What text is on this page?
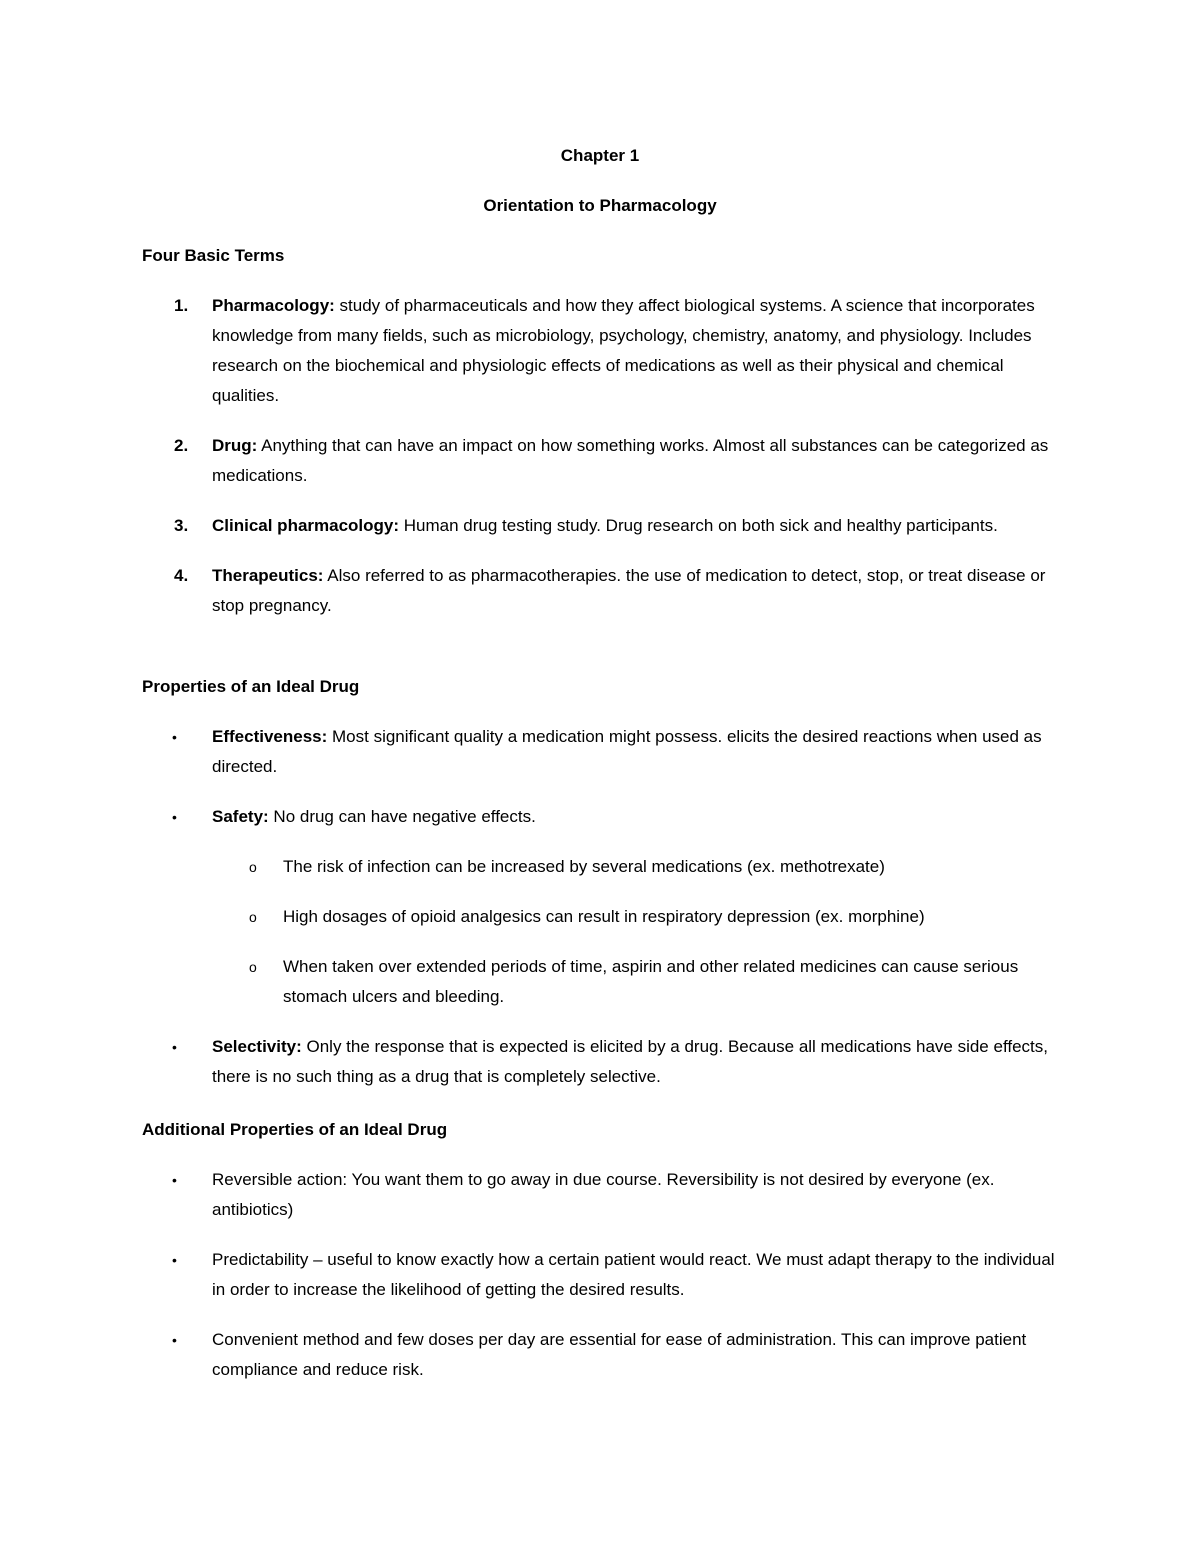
Chapter 1

Orientation to Pharmacology

Four Basic Terms
1. Pharmacology: study of pharmaceuticals and how they affect biological systems. A science that incorporates knowledge from many fields, such as microbiology, psychology, chemistry, anatomy, and physiology. Includes research on the biochemical and physiologic effects of medications as well as their physical and chemical qualities.
2. Drug: Anything that can have an impact on how something works. Almost all substances can be categorized as medications.
3. Clinical pharmacology: Human drug testing study. Drug research on both sick and healthy participants.
4. Therapeutics: Also referred to as pharmacotherapies. the use of medication to detect, stop, or treat disease or stop pregnancy.
Properties of an Ideal Drug
• Effectiveness: Most significant quality a medication might possess. elicits the desired reactions when used as directed.
• Safety: No drug can have negative effects.
o The risk of infection can be increased by several medications (ex. methotrexate)
o High dosages of opioid analgesics can result in respiratory depression (ex. morphine)
o When taken over extended periods of time, aspirin and other related medicines can cause serious stomach ulcers and bleeding.
• Selectivity: Only the response that is expected is elicited by a drug. Because all medications have side effects, there is no such thing as a drug that is completely selective.
Additional Properties of an Ideal Drug
• Reversible action: You want them to go away in due course. Reversibility is not desired by everyone (ex. antibiotics)
• Predictability – useful to know exactly how a certain patient would react. We must adapt therapy to the individual in order to increase the likelihood of getting the desired results.
• Convenient method and few doses per day are essential for ease of administration. This can improve patient compliance and reduce risk.
